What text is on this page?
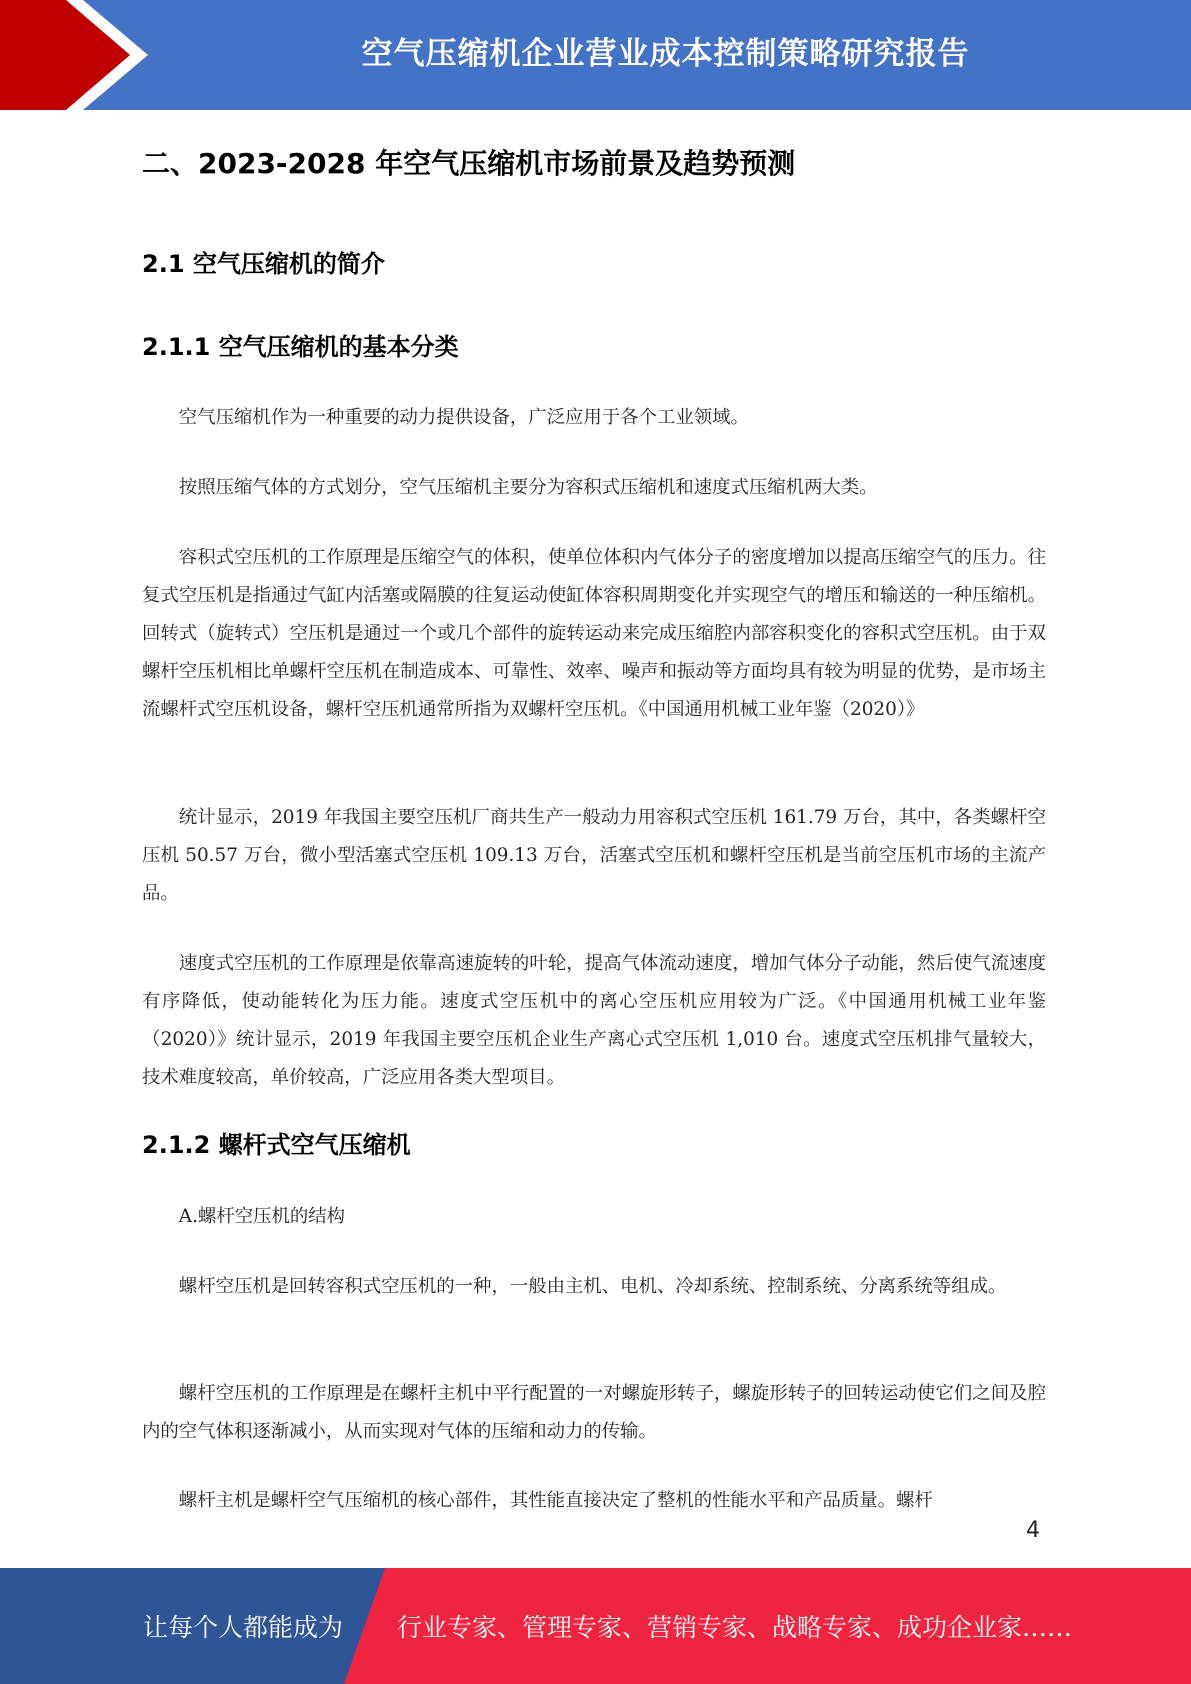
空气压缩机企业营业成本控制策略研究报告
二、2023-2028 年空气压缩机市场前景及趋势预测
2.1 空气压缩机的简介
2.1.1 空气压缩机的基本分类

空气压缩机作为一种重要的动力提供设备，广泛应用于各个工业领域。

按照压缩气体的方式划分，空气压缩机主要分为容积式压缩机和速度式压缩机两大类。

容积式空压机的工作原理是压缩空气的体积，使单位体积内气体分子的密度增加以提高压缩空气的压力。往复式空压机是指通过气缸内活塞或隔膜的往复运动使缸体容积周期变化并实现空气的增压和输送的一种压缩机。回转式（旋转式）空压机是通过一个或几个部件的旋转运动来完成压缩腔内部容积变化的容积式空压机。由于双螺杆空压机相比单螺杆空压机在制造成本、可靠性、效率、噪声和振动等方面均具有较为明显的优势，是市场主流螺杆式空压机设备，螺杆空压机通常所指为双螺杆空压机。《中国通用机械工业年鉴（2020）》

统计显示，2019 年我国主要空压机厂商共生产一般动力用容积式空压机 161.79 万台，其中，各类螺杆空压机 50.57 万台，微小型活塞式空压机 109.13 万台，活塞式空压机和螺杆空压机是当前空压机市场的主流产品。

速度式空压机的工作原理是依靠高速旋转的叶轮，提高气体流动速度，增加气体分子动能，然后使气流速度有序降低，使动能转化为压力能。速度式空压机中的离心空压机应用较为广泛。《中国通用机械工业年鉴（2020）》统计显示，2019 年我国主要空压机企业生产离心式空压机 1,010 台。速度式空压机排气量较大，技术难度较高，单价较高，广泛应用各类大型项目。

2.1.2 螺杆式空气压缩机

A.螺杆空压机的结构

螺杆空压机是回转容积式空压机的一种，一般由主机、电机、冷却系统、控制系统、分离系统等组成。

螺杆空压机的工作原理是在螺杆主机中平行配置的一对螺旋形转子，螺旋形转子的回转运动使它们之间及腔内的空气体积逐渐减小，从而实现对气体的压缩和动力的传输。

螺杆主机是螺杆空气压缩机的核心部件，其性能直接决定了整机的性能水平和产品质量。螺杆

4
让每个人都能成为 行业专家、管理专家、营销专家、战略专家、成功企业家……
